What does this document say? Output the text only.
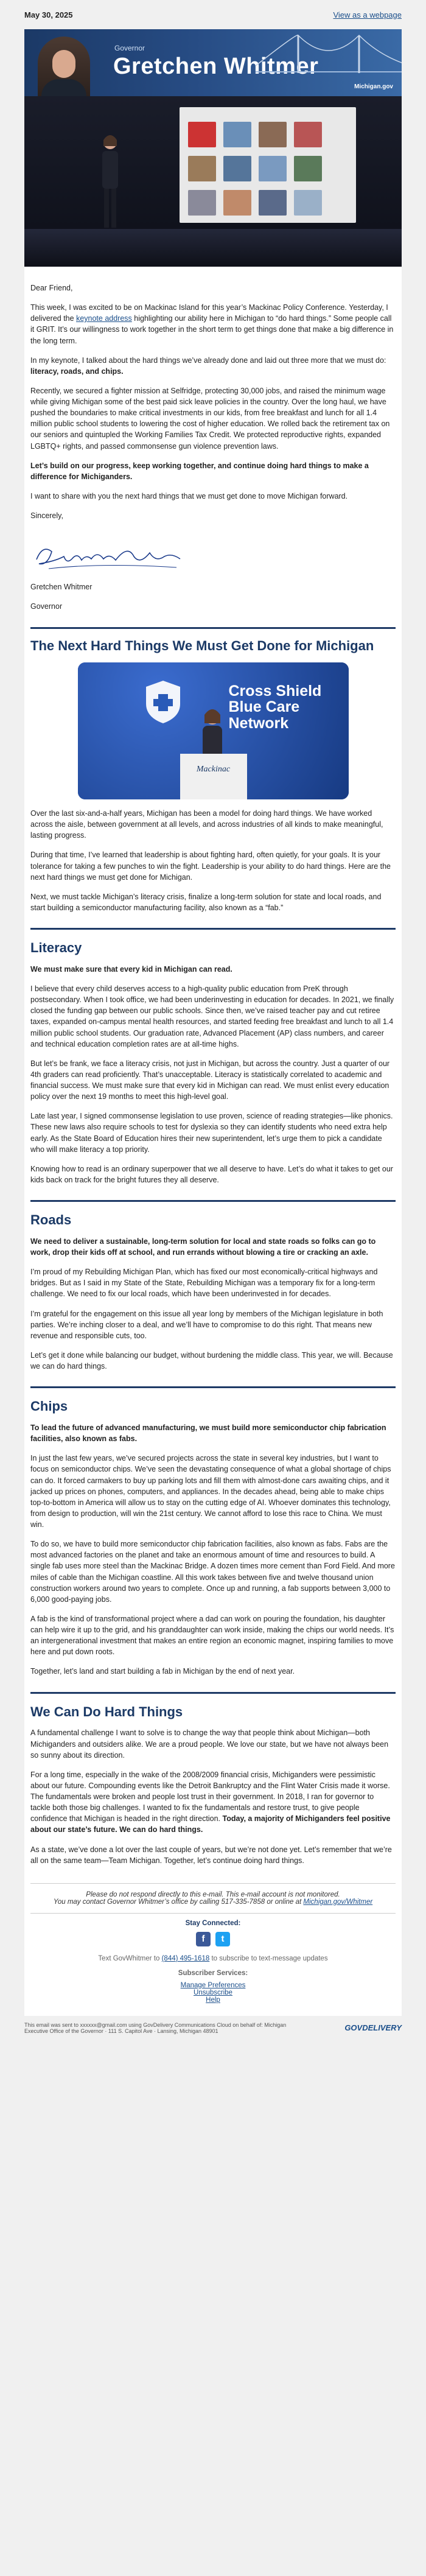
May 30, 2025	View as a webpage
Governor
Gretchen Whitmer
Michigan.gov

Dear Friend,

This week, I was excited to be on Mackinac Island for this year’s Mackinac Policy Conference. Yesterday, I delivered the keynote address highlighting our ability here in Michigan to “do hard things.” Some people call it GRIT. It’s our willingness to work together in the short term to get things done that make a big difference in the long term.

In my keynote, I talked about the hard things we’ve already done and laid out three more that we must do: literacy, roads, and chips.

Recently, we secured a fighter mission at Selfridge, protecting 30,000 jobs, and raised the minimum wage while giving Michigan some of the best paid sick leave policies in the country. Over the long haul, we have pushed the boundaries to make critical investments in our kids, from free breakfast and lunch for all 1.4 million public school students to lowering the cost of higher education. We rolled back the retirement tax on our seniors and quintupled the Working Families Tax Credit. We protected reproductive rights, expanded LGBTQ+ rights, and passed commonsense gun violence prevention laws.

Let’s build on our progress, keep working together, and continue doing hard things to make a difference for Michiganders.

I want to share with you the next hard things that we must get done to move Michigan forward.

Sincerely,

Gretchen Whitmer

Governor

The Next Hard Things We Must Get Done for Michigan
Cross Shield Blue Care Network
Mackinac

Over the last six-and-a-half years, Michigan has been a model for doing hard things. We have worked across the aisle, between government at all levels, and across industries of all kinds to make meaningful, lasting progress.

During that time, I’ve learned that leadership is about fighting hard, often quietly, for your goals. It is your tolerance for taking a few punches to win the fight. Leadership is your ability to do hard things. Here are the next hard things we must get done for Michigan.

Next, we must tackle Michigan’s literacy crisis, finalize a long-term solution for state and local roads, and start building a semiconductor manufacturing facility, also known as a “fab.”

Literacy

We must make sure that every kid in Michigan can read.

I believe that every child deserves access to a high-quality public education from PreK through postsecondary. When I took office, we had been underinvesting in education for decades. In 2021, we finally closed the funding gap between our public schools. Since then, we’ve raised teacher pay and cut retiree taxes, expanded on-campus mental health resources, and started feeding free breakfast and lunch to all 1.4 million public school students. Our graduation rate, Advanced Placement (AP) class numbers, and career and technical education completion rates are at all-time highs.

But let’s be frank, we face a literacy crisis, not just in Michigan, but across the country. Just a quarter of our 4th graders can read proficiently. That’s unacceptable. Literacy is statistically correlated to academic and financial success. We must make sure that every kid in Michigan can read. We must enlist every education policy over the next 19 months to meet this high-level goal.

Late last year, I signed commonsense legislation to use proven, science of reading strategies—like phonics. These new laws also require schools to test for dyslexia so they can identify students who need extra help early. As the State Board of Education hires their new superintendent, let’s urge them to pick a candidate who will make literacy a top priority.

Knowing how to read is an ordinary superpower that we all deserve to have. Let’s do what it takes to get our kids back on track for the bright futures they all deserve.

Roads

We need to deliver a sustainable, long-term solution for local and state roads so folks can go to work, drop their kids off at school, and run errands without blowing a tire or cracking an axle.

I’m proud of my Rebuilding Michigan Plan, which has fixed our most economically-critical highways and bridges. But as I said in my State of the State, Rebuilding Michigan was a temporary fix for a long-term challenge. We need to fix our local roads, which have been underinvested in for decades.

I’m grateful for the engagement on this issue all year long by members of the Michigan legislature in both parties. We’re inching closer to a deal, and we’ll have to compromise to do this right. That means new revenue and responsible cuts, too.

Let’s get it done while balancing our budget, without burdening the middle class. This year, we will. Because we can do hard things.

Chips

To lead the future of advanced manufacturing, we must build more semiconductor chip fabrication facilities, also known as fabs.

In just the last few years, we’ve secured projects across the state in several key industries, but I want to focus on semiconductor chips. We’ve seen the devastating consequence of what a global shortage of chips can do. It forced carmakers to buy up parking lots and fill them with almost-done cars awaiting chips, and it jacked up prices on phones, computers, and appliances. In the decades ahead, being able to make chips top-to-bottom in America will allow us to stay on the cutting edge of AI. Whoever dominates this technology, from design to production, will win the 21st century. We cannot afford to lose this race to China. We must win.

To do so, we have to build more semiconductor chip fabrication facilities, also known as fabs. Fabs are the most advanced factories on the planet and take an enormous amount of time and resources to build. A single fab uses more steel than the Mackinac Bridge. A dozen times more cement than Ford Field. And more miles of cable than the Michigan coastline. All this work takes between five and twelve thousand union construction workers around two years to complete. Once up and running, a fab supports between 3,000 to 6,000 good-paying jobs.

A fab is the kind of transformational project where a dad can work on pouring the foundation, his daughter can help wire it up to the grid, and his granddaughter can work inside, making the chips our world needs. It’s an intergenerational investment that makes an entire region an economic magnet, inspiring families to move here and put down roots.

Together, let’s land and start building a fab in Michigan by the end of next year.

We Can Do Hard Things

A fundamental challenge I want to solve is to change the way that people think about Michigan—both Michiganders and outsiders alike. We are a proud people. We love our state, but we have not always been so sunny about its direction.

For a long time, especially in the wake of the 2008/2009 financial crisis, Michiganders were pessimistic about our future. Compounding events like the Detroit Bankruptcy and the Flint Water Crisis made it worse. The fundamentals were broken and people lost trust in their government. In 2018, I ran for governor to tackle both those big challenges. I wanted to fix the fundamentals and restore trust, to give people confidence that Michigan is headed in the right direction. Today, a majority of Michiganders feel positive about our state’s future. We can do hard things.

As a state, we’ve done a lot over the last couple of years, but we’re not done yet. Let’s remember that we’re all on the same team—Team Michigan. Together, let’s continue doing hard things.

Please do not respond directly to this e-mail. This e-mail account is not monitored.
You may contact Governor Whitmer’s office by calling 517-335-7858 or online at Michigan.gov/Whitmer
Stay Connected:
f	t
Text GovWhitmer to (844) 495-1618 to subscribe to text-message updates
Subscriber Services:
Manage Preferences
Unsubscribe
Help
This email was sent to xxxxxx@gmail.com using GovDelivery Communications Cloud on behalf of: Michigan Executive Office of the Governor · 111 S. Capitol Ave · Lansing, Michigan 48901	GOVDELIVERY
